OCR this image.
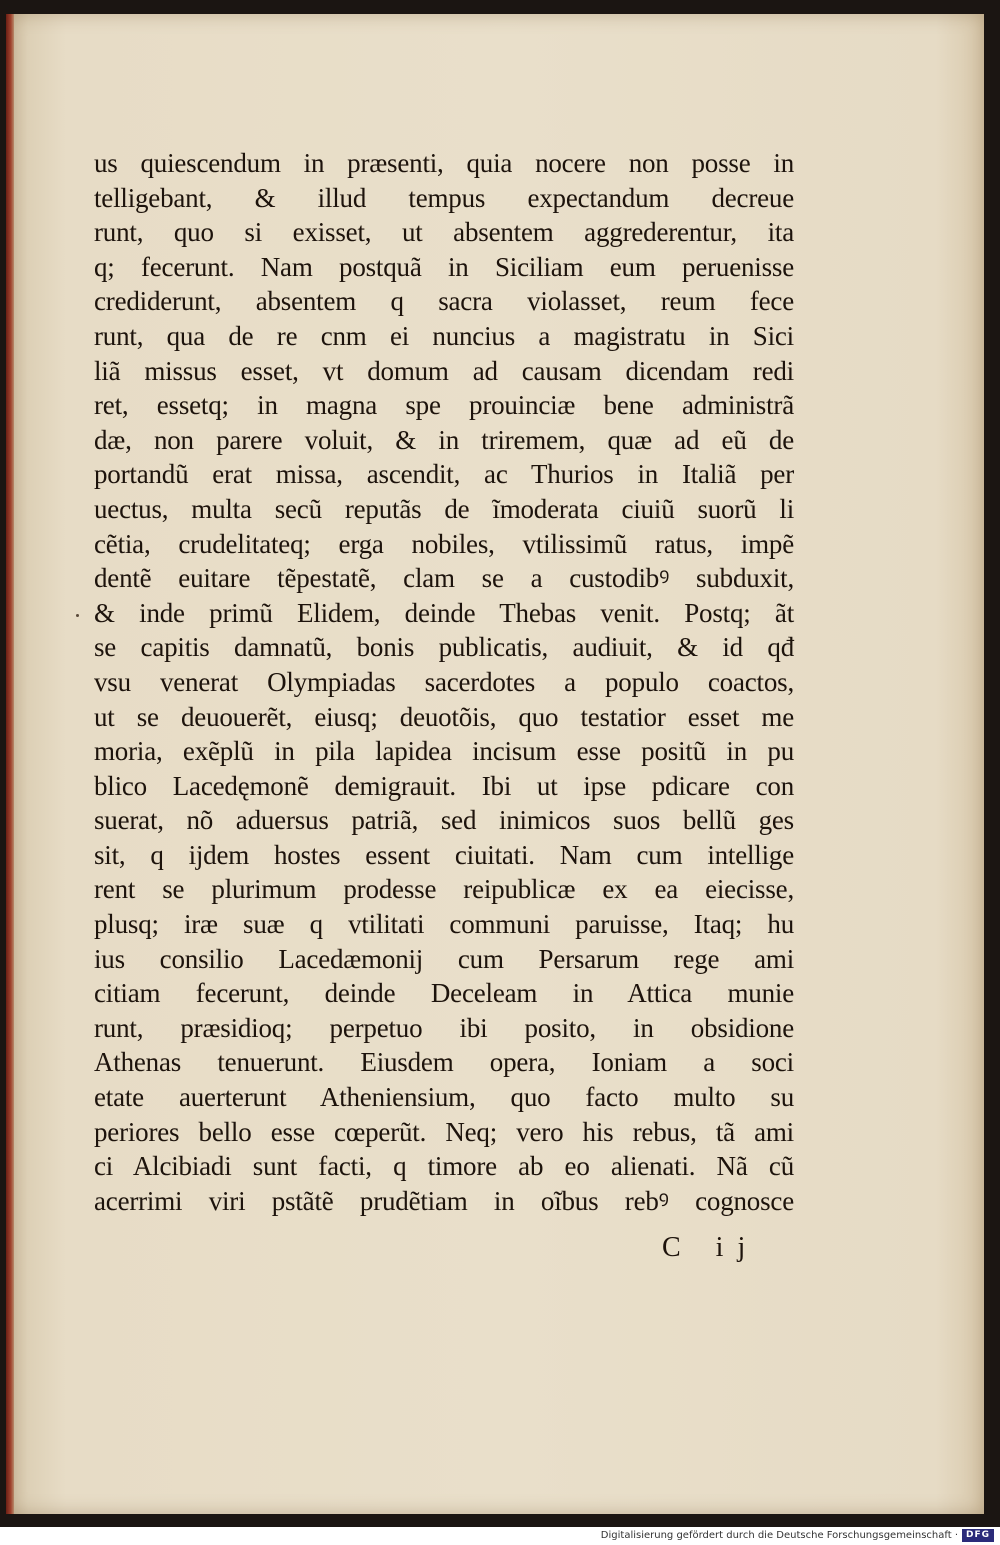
us quiescendum in præsenti, quia nocere non posse in
telligebant, & illud tempus expectandum decreue
runt, quo si exisset, ut absentem aggrederentur, ita
q; fecerunt. Nam postquã in Siciliam eum peruenisse
crediderunt, absentem q sacra violasset, reum fece
runt, qua de re cnm ei nuncius a magistratu in Sici
liã missus esset, vt domum ad causam dicendam redi
ret, essetq; in magna spe prouinciæ bene administrã
dæ, non parere voluit, & in triremem, quæ ad eũ de
portandũ erat missa, ascendit, ac Thurios in Italiã per
uectus, multa secũ reputãs de ĩmoderata ciuiũ suorũ li
cẽtia, crudelitateq; erga nobiles, vtilissimũ ratus, impẽ
dentẽ euitare tẽpestatẽ, clam se a custodibꝰ subduxit,
& inde primũ Elidem, deinde Thebas venit. Postq; ãt
se capitis damnatũ, bonis publicatis, audiuit, & id qđ
vsu venerat Olympiadas sacerdotes a populo coactos,
ut se deuouerẽt, eiusq; deuotõis, quo testatior esset me
moria, exẽplũ in pila lapidea incisum esse positũ in pu
blico Lacedęmonẽ demigrauit. Ibi ut ipse pdicare con
suerat, nõ aduersus patriã, sed inimicos suos bellũ ges
sit, q ijdem hostes essent ciuitati. Nam cum intellige
rent se plurimum prodesse reipublicæ ex ea eiecisse,
plusq; iræ suæ q vtilitati communi paruisse, Itaq; hu
ius consilio Lacedæmonij cum Persarum rege ami
citiam fecerunt, deinde Deceleam in Attica munie
runt, præsidioq; perpetuo ibi posito, in obsidione
Athenas tenuerunt. Eiusdem opera, Ioniam a soci
etate auerterunt Atheniensium, quo facto multo su
periores bello esse cœperũt. Neq; vero his rebus, tã ami
ci Alcibiadi sunt facti, q timore ab eo alienati. Nã cũ
acerrimi viri pstãtẽ prudẽtiam in oĩbus rebꝰ cognosce
C ij
Digitalisierung gefördert durch die Deutsche Forschungsgemeinschaft · DFG
